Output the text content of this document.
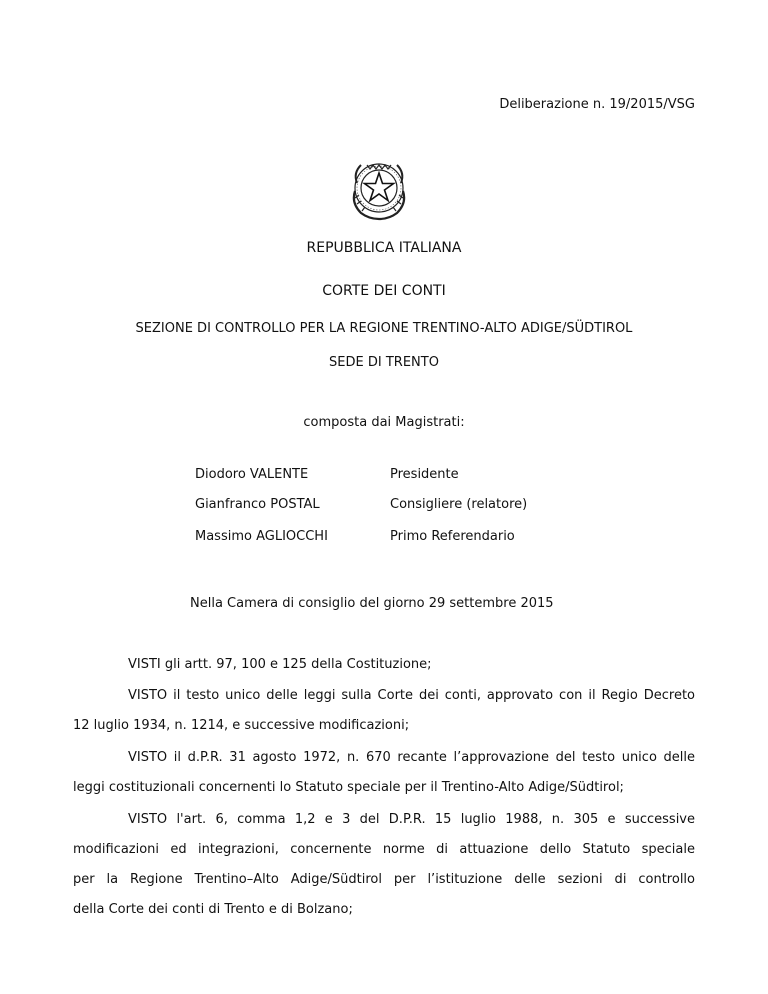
Deliberazione n. 19/2015/VSG
REPUBBLICA ITALIANA
CORTE DEI CONTI
SEZIONE DI CONTROLLO PER LA REGIONE TRENTINO-ALTO ADIGE/SÜDTIROL
SEDE DI TRENTO
composta dai Magistrati:
Diodoro VALENTE	Presidente
Gianfranco POSTAL	Consigliere (relatore)
Massimo AGLIOCCHI	Primo Referendario
Nella Camera di consiglio del giorno 29 settembre 2015
VISTI gli artt. 97, 100 e 125 della Costituzione;
VISTO il testo unico delle leggi sulla Corte dei conti, approvato con il Regio Decreto
12 luglio 1934, n. 1214, e successive modificazioni;
VISTO il d.P.R. 31 agosto 1972, n. 670 recante l’approvazione del testo unico delle
leggi costituzionali concernenti lo Statuto speciale per il Trentino-Alto Adige/Südtirol;
VISTO l'art. 6, comma 1,2 e 3 del D.P.R. 15 luglio 1988, n. 305 e successive
modificazioni ed integrazioni, concernente norme di attuazione dello Statuto speciale
per la Regione Trentino–Alto Adige/Südtirol per l’istituzione delle sezioni di controllo
della Corte dei conti di Trento e di Bolzano;
